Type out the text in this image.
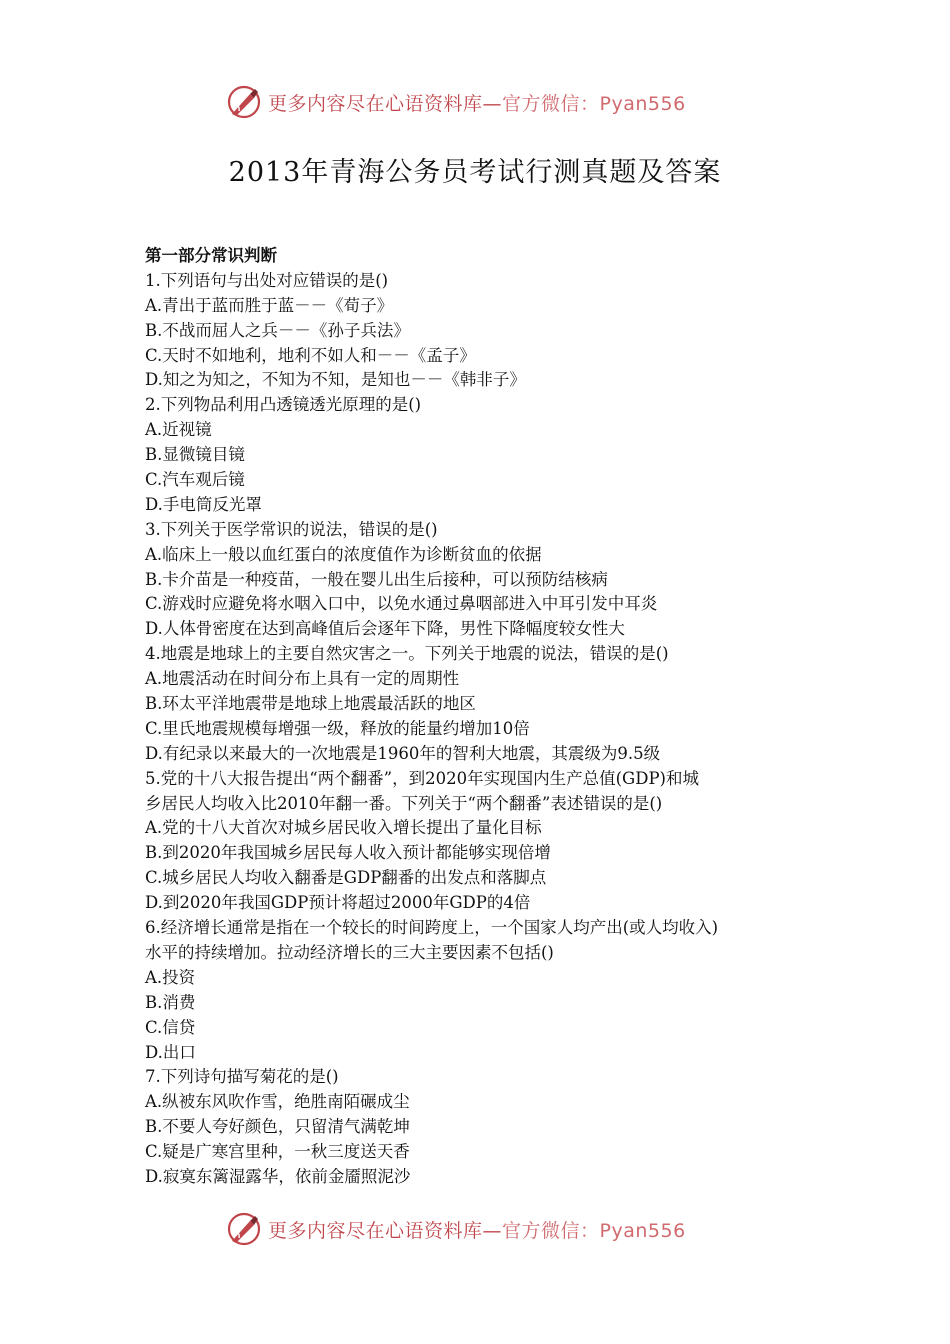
更多内容尽在心语资料库—官方微信：Pyan556
2013年青海公务员考试行测真题及答案
第一部分常识判断
1.下列语句与出处对应错误的是()
A.青出于蓝而胜于蓝－－《荀子》
B.不战而屈人之兵－－《孙子兵法》
C.天时不如地利，地利不如人和－－《孟子》
D.知之为知之，不知为不知，是知也－－《韩非子》
2.下列物品利用凸透镜透光原理的是()
A.近视镜
B.显微镜目镜
C.汽车观后镜
D.手电筒反光罩
3.下列关于医学常识的说法，错误的是()
A.临床上一般以血红蛋白的浓度值作为诊断贫血的依据
B.卡介苗是一种疫苗，一般在婴儿出生后接种，可以预防结核病
C.游戏时应避免将水咽入口中，以免水通过鼻咽部进入中耳引发中耳炎
D.人体骨密度在达到高峰值后会逐年下降，男性下降幅度较女性大
4.地震是地球上的主要自然灾害之一。下列关于地震的说法，错误的是()
A.地震活动在时间分布上具有一定的周期性
B.环太平洋地震带是地球上地震最活跃的地区
C.里氏地震规模每增强一级，释放的能量约增加10倍
D.有纪录以来最大的一次地震是1960年的智利大地震，其震级为9.5级
5.党的十八大报告提出“两个翻番”，到2020年实现国内生产总值(GDP)和城
乡居民人均收入比2010年翻一番。下列关于“两个翻番”表述错误的是()
A.党的十八大首次对城乡居民收入增长提出了量化目标
B.到2020年我国城乡居民每人收入预计都能够实现倍增
C.城乡居民人均收入翻番是GDP翻番的出发点和落脚点
D.到2020年我国GDP预计将超过2000年GDP的4倍
6.经济增长通常是指在一个较长的时间跨度上，一个国家人均产出(或人均收入)
水平的持续增加。拉动经济增长的三大主要因素不包括()
A.投资
B.消费
C.信贷
D.出口
7.下列诗句描写菊花的是()
A.纵被东风吹作雪，绝胜南陌碾成尘
B.不要人夸好颜色，只留清气满乾坤
C.疑是广寒宫里种，一秋三度送天香
D.寂寞东篱湿露华，依前金靥照泥沙
更多内容尽在心语资料库—官方微信：Pyan556
